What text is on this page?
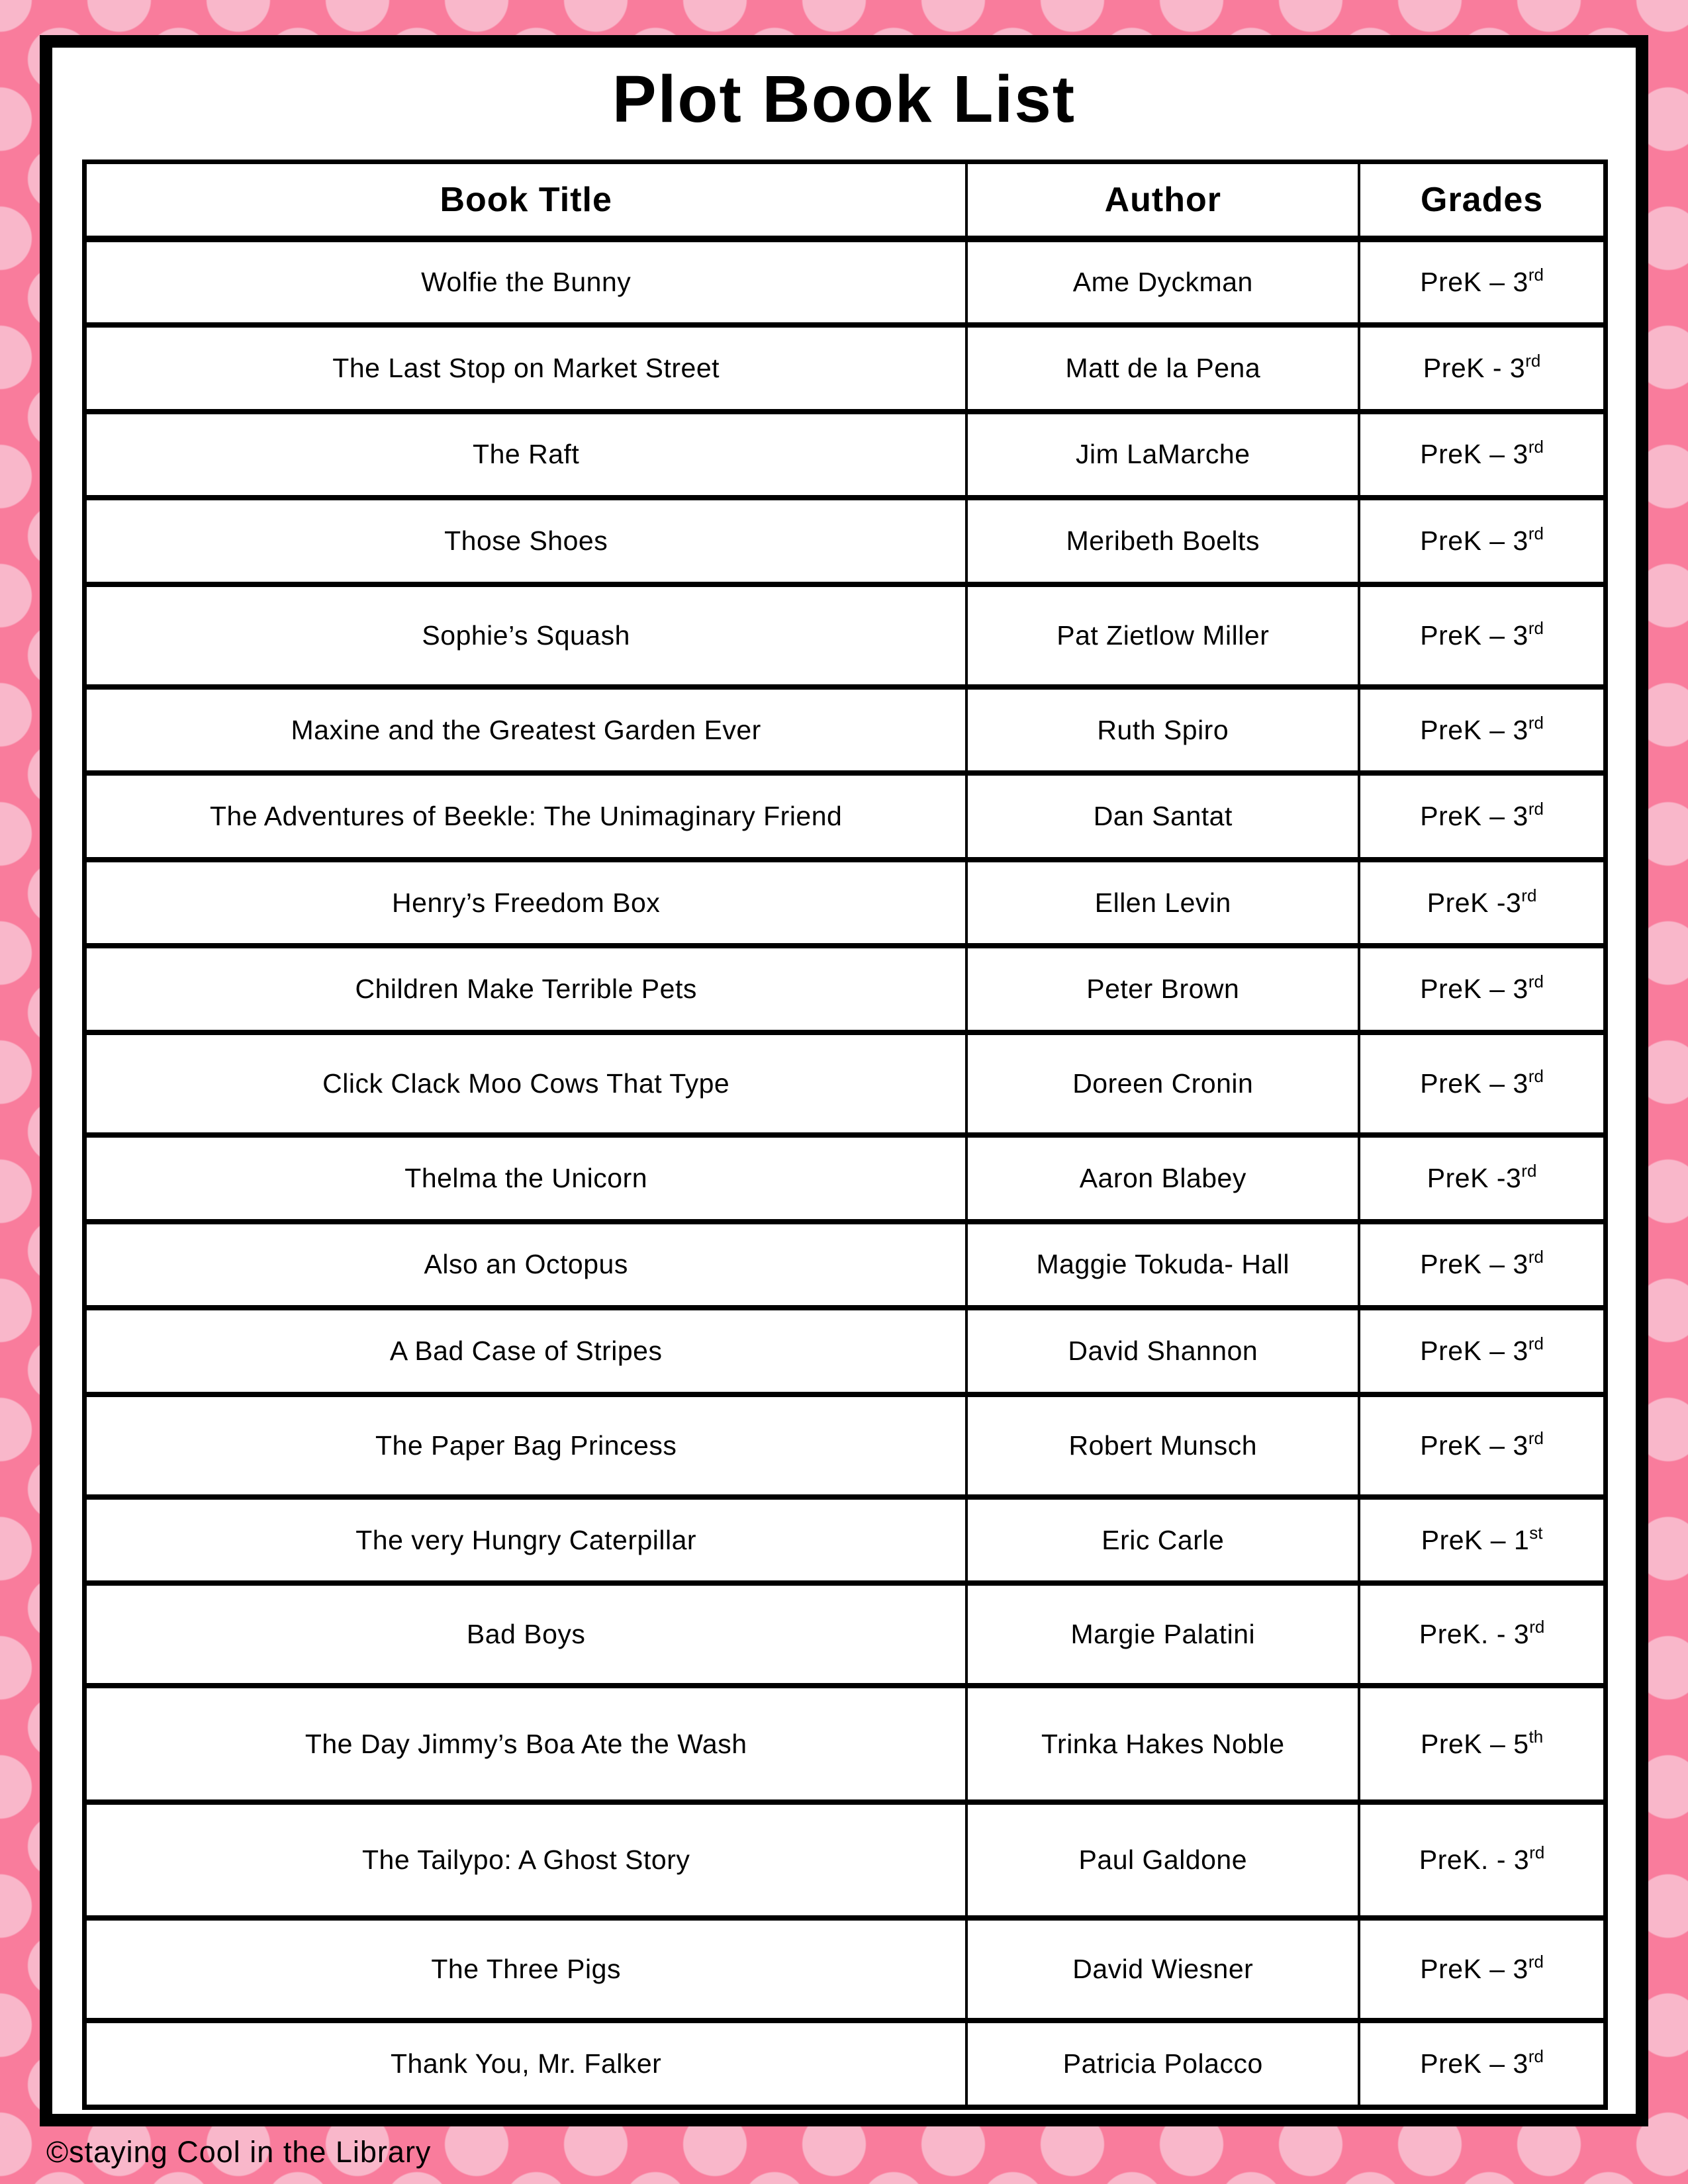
Plot Book List
Book Title	Author	Grades
Wolfie the Bunny	Ame Dyckman	PreK – 3rd
The Last Stop on Market Street	Matt de la Pena	PreK - 3rd
The Raft	Jim LaMarche	PreK – 3rd
Those Shoes	Meribeth Boelts	PreK – 3rd
Sophie’s Squash	Pat Zietlow Miller	PreK – 3rd
Maxine and the Greatest Garden Ever	Ruth Spiro	PreK – 3rd
The Adventures of Beekle: The Unimaginary Friend	Dan Santat	PreK – 3rd
Henry’s Freedom Box	Ellen Levin	PreK -3rd
Children Make Terrible Pets	Peter Brown	PreK – 3rd
Click Clack Moo Cows That Type	Doreen Cronin	PreK – 3rd
Thelma the Unicorn	Aaron Blabey	PreK -3rd
Also an Octopus	Maggie Tokuda- Hall	PreK – 3rd
A Bad Case of Stripes	David Shannon	PreK – 3rd
The Paper Bag Princess	Robert Munsch	PreK – 3rd
The very Hungry Caterpillar	Eric Carle	PreK – 1st
Bad Boys	Margie Palatini	PreK. - 3rd
The Day Jimmy’s Boa Ate the Wash	Trinka Hakes Noble	PreK – 5th
The Tailypo: A Ghost Story	Paul Galdone	PreK. - 3rd
The Three Pigs	David Wiesner	PreK – 3rd
Thank You, Mr. Falker	Patricia Polacco	PreK – 3rd
©staying Cool in the Library
